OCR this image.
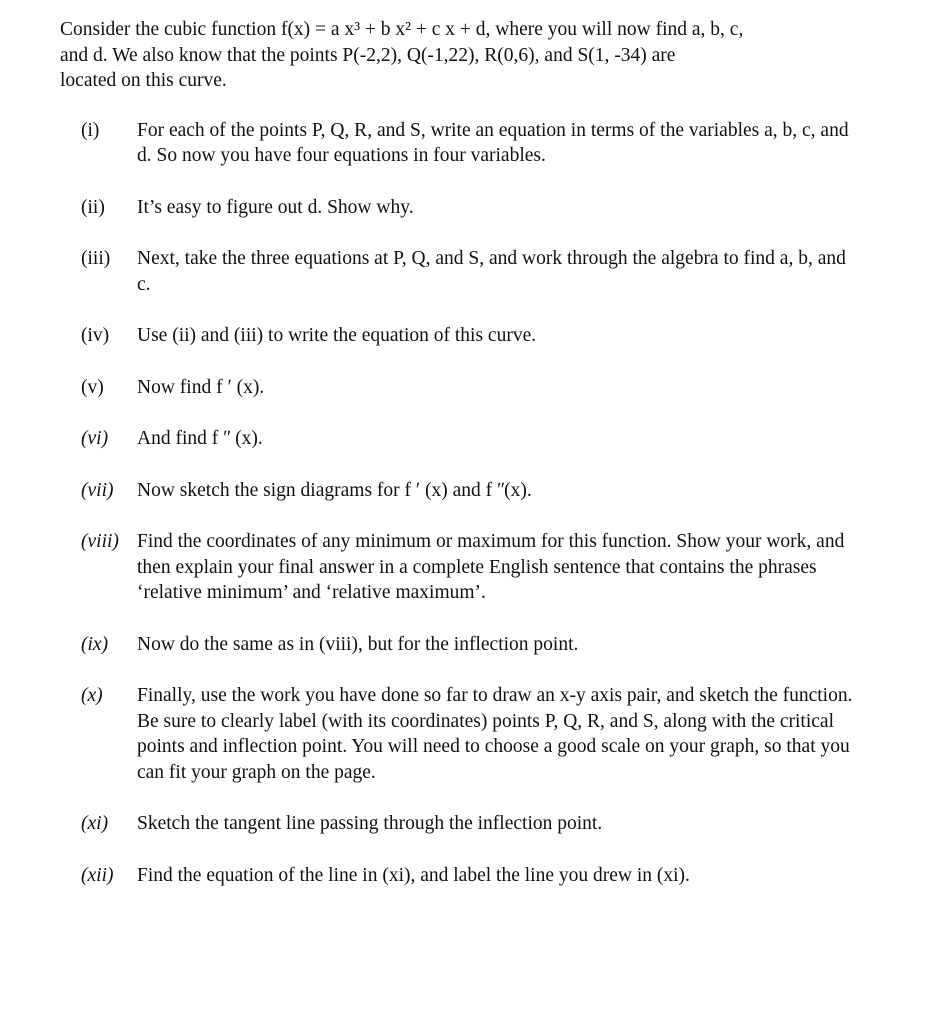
Consider the cubic function f(x) = a x³ + b x² + c x + d, where you will now find a, b, c,
and d. We also know that the points P(-2,2), Q(-1,22), R(0,6), and S(1, -34) are
located on this curve.

(i)	For each of the points P, Q, R, and S, write an equation in terms of the variables a, b, c, and d. So now you have four equations in four variables.
(ii)	It’s easy to figure out d. Show why.
(iii)	Next, take the three equations at P, Q, and S, and work through the algebra to find a, b, and c.
(iv)	Use (ii) and (iii) to write the equation of this curve.
(v)	Now find f ʹ (x).
(vi)	And find f ʺ (x).
(vii)	Now sketch the sign diagrams for f ʹ (x) and f ʺ(x).
(viii) Find the coordinates of any minimum or maximum for this function. Show your work, and then explain your final answer in a complete English sentence that contains the phrases ‘relative minimum’ and ‘relative maximum’.
(ix)	Now do the same as in (viii), but for the inflection point.
(x)	Finally, use the work you have done so far to draw an x-y axis pair, and sketch the function. Be sure to clearly label (with its coordinates) points P, Q, R, and S, along with the critical points and inflection point. You will need to choose a good scale on your graph, so that you can fit your graph on the page.
(xi)	Sketch the tangent line passing through the inflection point.
(xii)	Find the equation of the line in (xi), and label the line you drew in (xi).
